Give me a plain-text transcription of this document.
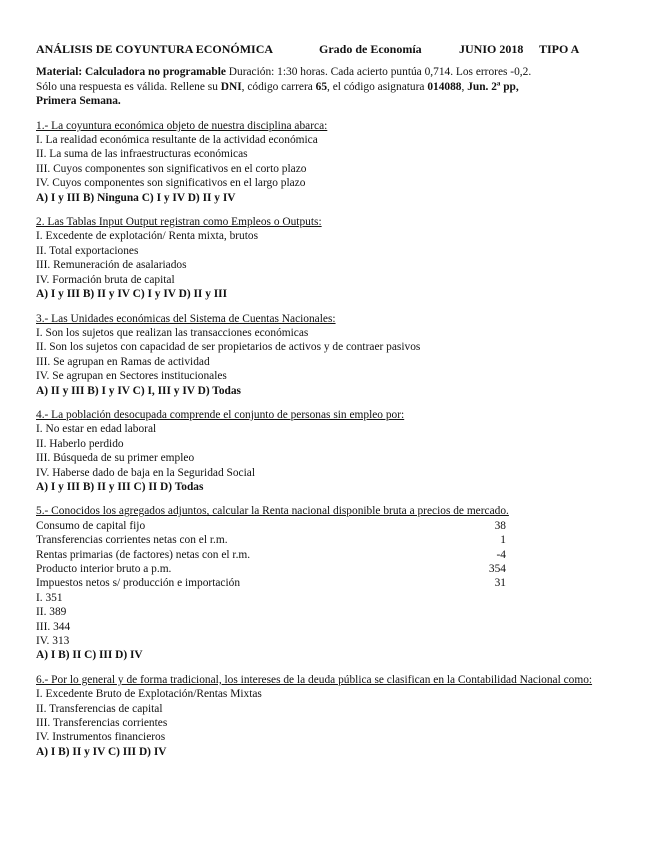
ANÁLISIS DE COYUNTURA ECONÓMICA	Grado de Economía	JUNIO 2018	TIPO A

Material: Calculadora no programable Duración: 1:30 horas. Cada acierto puntúa 0,714. Los errores -0,2.

Sólo una respuesta es válida. Rellene su DNI, código carrera 65, el código asignatura 014088, Jun. 2ª pp,

Primera Semana.

1.- La coyuntura económica objeto de nuestra disciplina abarca:
I. La realidad económica resultante de la actividad económica
II. La suma de las infraestructuras económicas
III. Cuyos componentes son significativos en el corto plazo
IV. Cuyos componentes son significativos en el largo plazo
A) I y III B) Ninguna C) I y IV D) II y IV
2. Las Tablas Input Output registran como Empleos o Outputs:
I. Excedente de explotación/ Renta mixta, brutos
II. Total exportaciones
III. Remuneración de asalariados
IV. Formación bruta de capital
A) I y III B) II y IV C) I y IV D) II y III
3.- Las Unidades económicas del Sistema de Cuentas Nacionales:
I. Son los sujetos que realizan las transacciones económicas
II. Son los sujetos con capacidad de ser propietarios de activos y de contraer pasivos
III. Se agrupan en Ramas de actividad
IV. Se agrupan en Sectores institucionales
A) II y III B) I y IV C) I, III y IV D) Todas
4.- La población desocupada comprende el conjunto de personas sin empleo por:
I. No estar en edad laboral
II. Haberlo perdido
III. Búsqueda de su primer empleo
IV. Haberse dado de baja en la Seguridad Social
A) I y III B) II y III C) II D) Todas
5.- Conocidos los agregados adjuntos, calcular la Renta nacional disponible bruta a precios de mercado.
Consumo de capital fijo	38
Transferencias corrientes netas con el r.m.	1
Rentas primarias (de factores) netas con el r.m.	-4
Producto interior bruto a p.m.	354
Impuestos netos s/ producción e importación	31
I. 351
II. 389
III. 344
IV. 313
A) I B) II C) III D) IV
6.- Por lo general y de forma tradicional, los intereses de la deuda pública se clasifican en la Contabilidad Nacional como:
I. Excedente Bruto de Explotación/Rentas Mixtas
II. Transferencias de capital
III. Transferencias corrientes
IV. Instrumentos financieros
A) I B) II y IV C) III D) IV
